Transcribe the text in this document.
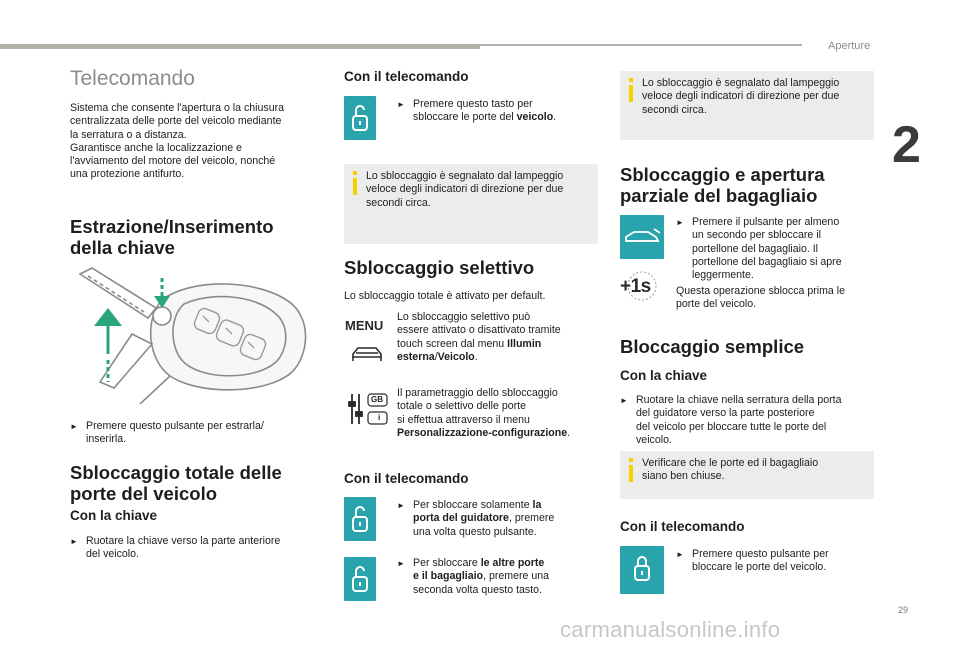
Aperture
2
Telecomando
Sistema che consente l'apertura o la chiusura
centralizzata delle porte del veicolo mediante
la serratura o a distanza.
Garantisce anche la localizzazione e
l'avviamento del motore del veicolo, nonché
una protezione antifurto.
Estrazione/Inserimento
della chiave
► Premere questo pulsante per estrarla/
inserirla.
Sbloccaggio totale delle
porte del veicolo
Con la chiave
► Ruotare la chiave verso la parte anteriore
del veicolo.
Con il telecomando
► Premere questo tasto per
sbloccare le porte del veicolo.
Lo sbloccaggio è segnalato dal lampeggio
veloce degli indicatori di direzione per due
secondi circa.
Sbloccaggio selettivo
Lo sbloccaggio totale è attivato per default.
MENU
Lo sbloccaggio selettivo può
essere attivato o disattivato tramite
touch screen dal menu Illumin
esterna/Veicolo.
GB
i
Il parametraggio dello sbloccaggio
totale o selettivo delle porte
si effettua attraverso il menu
Personalizzazione-configurazione.
Con il telecomando
► Per sbloccare solamente la
porta del guidatore, premere
una volta questo pulsante.
► Per sbloccare le altre porte
e il bagagliaio, premere una
seconda volta questo tasto.
Lo sbloccaggio è segnalato dal lampeggio
veloce degli indicatori di direzione per due
secondi circa.
Sbloccaggio e apertura
parziale del bagagliaio
+1s
► Premere il pulsante per almeno
un secondo per sbloccare il
portellone del bagagliaio. Il
portellone del bagagliaio si apre
leggermente.
Questa operazione sblocca prima le
porte del veicolo.
Bloccaggio semplice
Con la chiave
► Ruotare la chiave nella serratura della porta
del guidatore verso la parte posteriore
del veicolo per bloccare tutte le porte del
veicolo.
Verificare che le porte ed il bagagliaio
siano ben chiuse.
Con il telecomando
► Premere questo pulsante per
bloccare le porte del veicolo.
29
carmanualsonline.info
